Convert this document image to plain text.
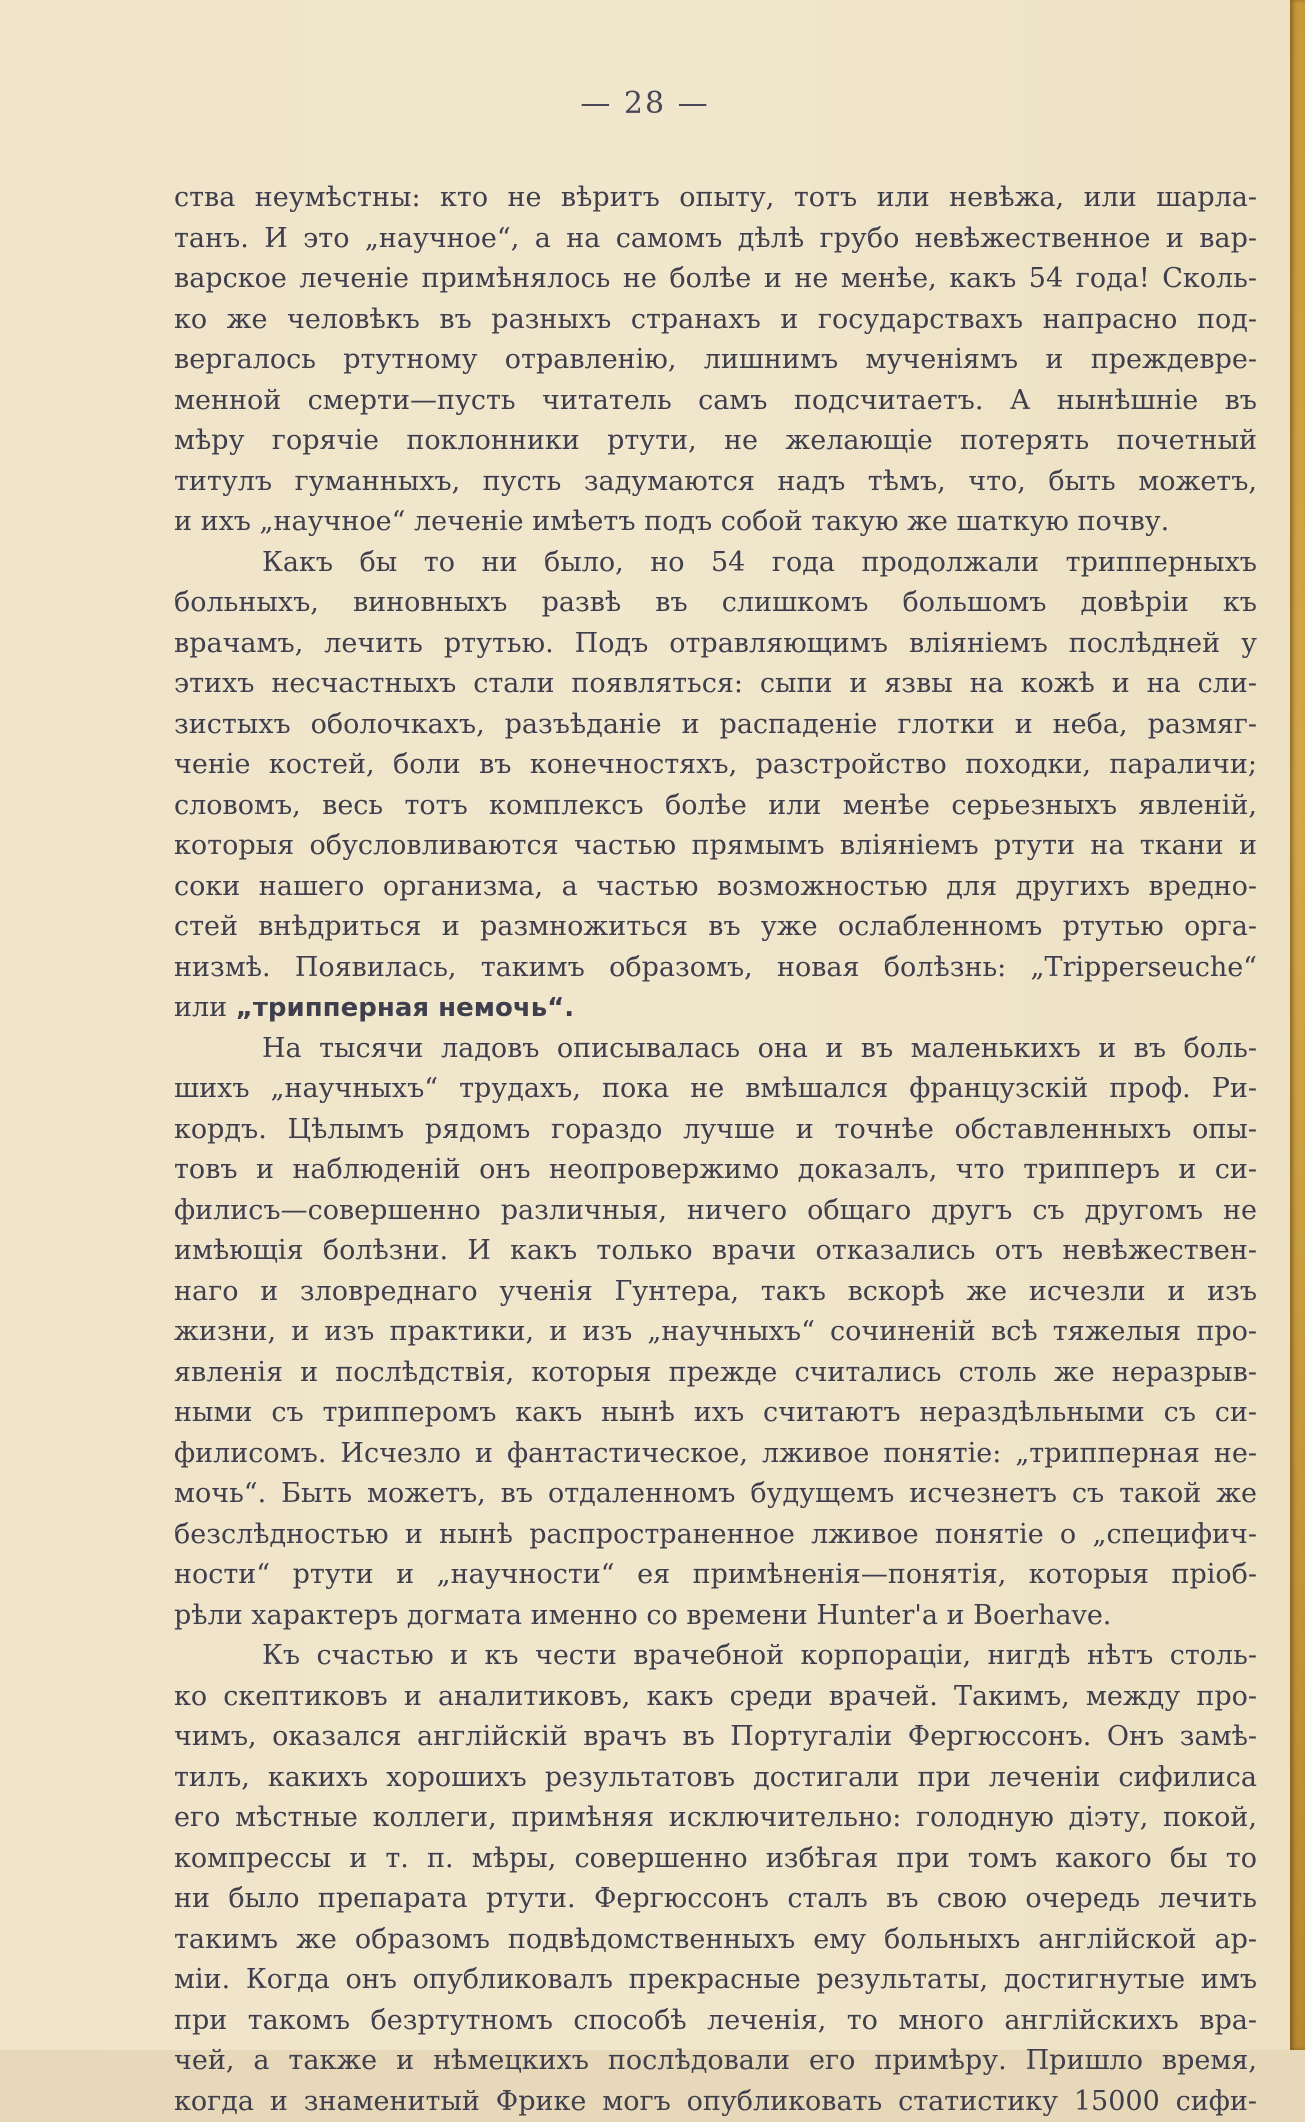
— 28 —
ства неумѣстны: кто не вѣритъ опыту, тотъ или невѣжа, или шарла-
танъ. И это „научное“, а на самомъ дѣлѣ грубо невѣжественное и вар-
варское леченіе примѣнялось не болѣе и не менѣе, какъ 54 года! Сколь-
ко же человѣкъ въ разныхъ странахъ и государствахъ напрасно под-
вергалось ртутному отравленію, лишнимъ мученіямъ и преждевре-
менной смерти—пусть читатель самъ подсчитаетъ. А нынѣшніе въ
мѣру горячіе поклонники ртути, не желающіе потерять почетный
титулъ гуманныхъ, пусть задумаются надъ тѣмъ, что, быть можетъ,
и ихъ „научное“ леченіе имѣетъ подъ собой такую же шаткую почву.
Какъ бы то ни было, но 54 года продолжали трипперныхъ
больныхъ, виновныхъ развѣ въ слишкомъ большомъ довѣріи къ
врачамъ, лечить ртутью. Подъ отравляющимъ вліяніемъ послѣдней у
этихъ несчастныхъ стали появляться: сыпи и язвы на кожѣ и на сли-
зистыхъ оболочкахъ, разъѣданіе и распаденіе глотки и неба, размяг-
ченіе костей, боли въ конечностяхъ, разстройство походки, параличи;
словомъ, весь тотъ комплексъ болѣе или менѣе серьезныхъ явленій,
которыя обусловливаются частью прямымъ вліяніемъ ртути на ткани и
соки нашего организма, а частью возможностью для другихъ вредно-
стей внѣдриться и размножиться въ уже ослабленномъ ртутью орга-
низмѣ. Появилась, такимъ образомъ, новая болѣзнь: „Tripperseuche“
или „трипперная немочь“.
На тысячи ладовъ описывалась она и въ маленькихъ и въ боль-
шихъ „научныхъ“ трудахъ, пока не вмѣшался французскій проф. Ри-
кордъ. Цѣлымъ рядомъ гораздо лучше и точнѣе обставленныхъ опы-
товъ и наблюденій онъ неопровержимо доказалъ, что трипперъ и си-
филисъ—совершенно различныя, ничего общаго другъ съ другомъ не
имѣющія болѣзни. И какъ только врачи отказались отъ невѣжествен-
наго и зловреднаго ученія Гунтера, такъ вскорѣ же исчезли и изъ
жизни, и изъ практики, и изъ „научныхъ“ сочиненій всѣ тяжелыя про-
явленія и послѣдствія, которыя прежде считались столь же неразрыв-
ными съ трипперомъ какъ нынѣ ихъ считаютъ нераздѣльными съ си-
филисомъ. Исчезло и фантастическое, лживое понятіе: „трипперная не-
мочь“. Быть можетъ, въ отдаленномъ будущемъ исчезнетъ съ такой же
безслѣдностью и нынѣ распространенное лживое понятіе о „специфич-
ности“ ртути и „научности“ ея примѣненія—понятія, которыя пріоб-
рѣли характеръ догмата именно со времени Hunter'a и Boerhave.
Къ счастью и къ чести врачебной корпораціи, нигдѣ нѣтъ столь-
ко скептиковъ и аналитиковъ, какъ среди врачей. Такимъ, между про-
чимъ, оказался англійскій врачъ въ Португаліи Фергюссонъ. Онъ замѣ-
тилъ, какихъ хорошихъ результатовъ достигали при леченіи сифилиса
его мѣстные коллеги, примѣняя исключительно: голодную діэту, покой,
компрессы и т. п. мѣры, совершенно избѣгая при томъ какого бы то
ни было препарата ртути. Фергюссонъ сталъ въ свою очередь лечить
такимъ же образомъ подвѣдомственныхъ ему больныхъ англійской ар-
міи. Когда онъ опубликовалъ прекрасные результаты, достигнутые имъ
при такомъ безртутномъ способѣ леченія, то много англійскихъ вра-
чей, а также и нѣмецкихъ послѣдовали его примѣру. Пришло время,
когда и знаменитый Фрике могъ опубликовать статистику 15000 сифи-
